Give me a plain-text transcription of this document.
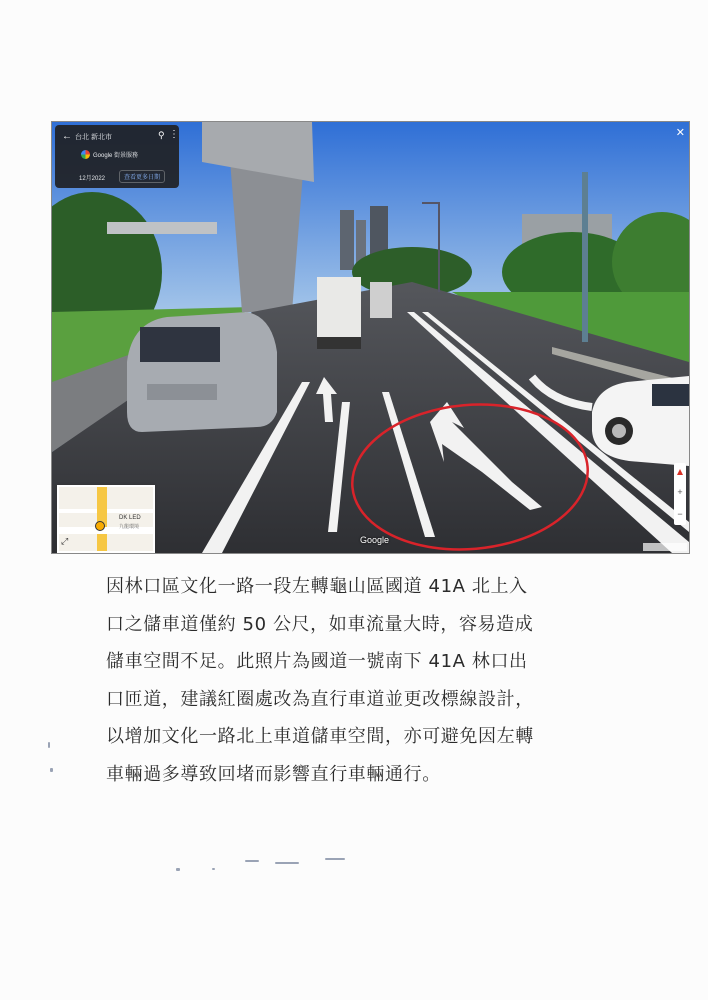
← 台北 新北市	⚲ ⋮
Google 街景服務
12月2022	查看更多日期
✕
DK LED
九龍環境
⤢	Google
+
−
因林口區文化一路一段左轉龜山區國道 41A 北上入
口之儲車道僅約 50 公尺，如車流量大時，容易造成
儲車空間不足。此照片為國道一號南下 41A 林口出
口匝道，建議紅圈處改為直行車道並更改標線設計，
以增加文化一路北上車道儲車空間，亦可避免因左轉
車輛過多導致回堵而影響直行車輛通行。
